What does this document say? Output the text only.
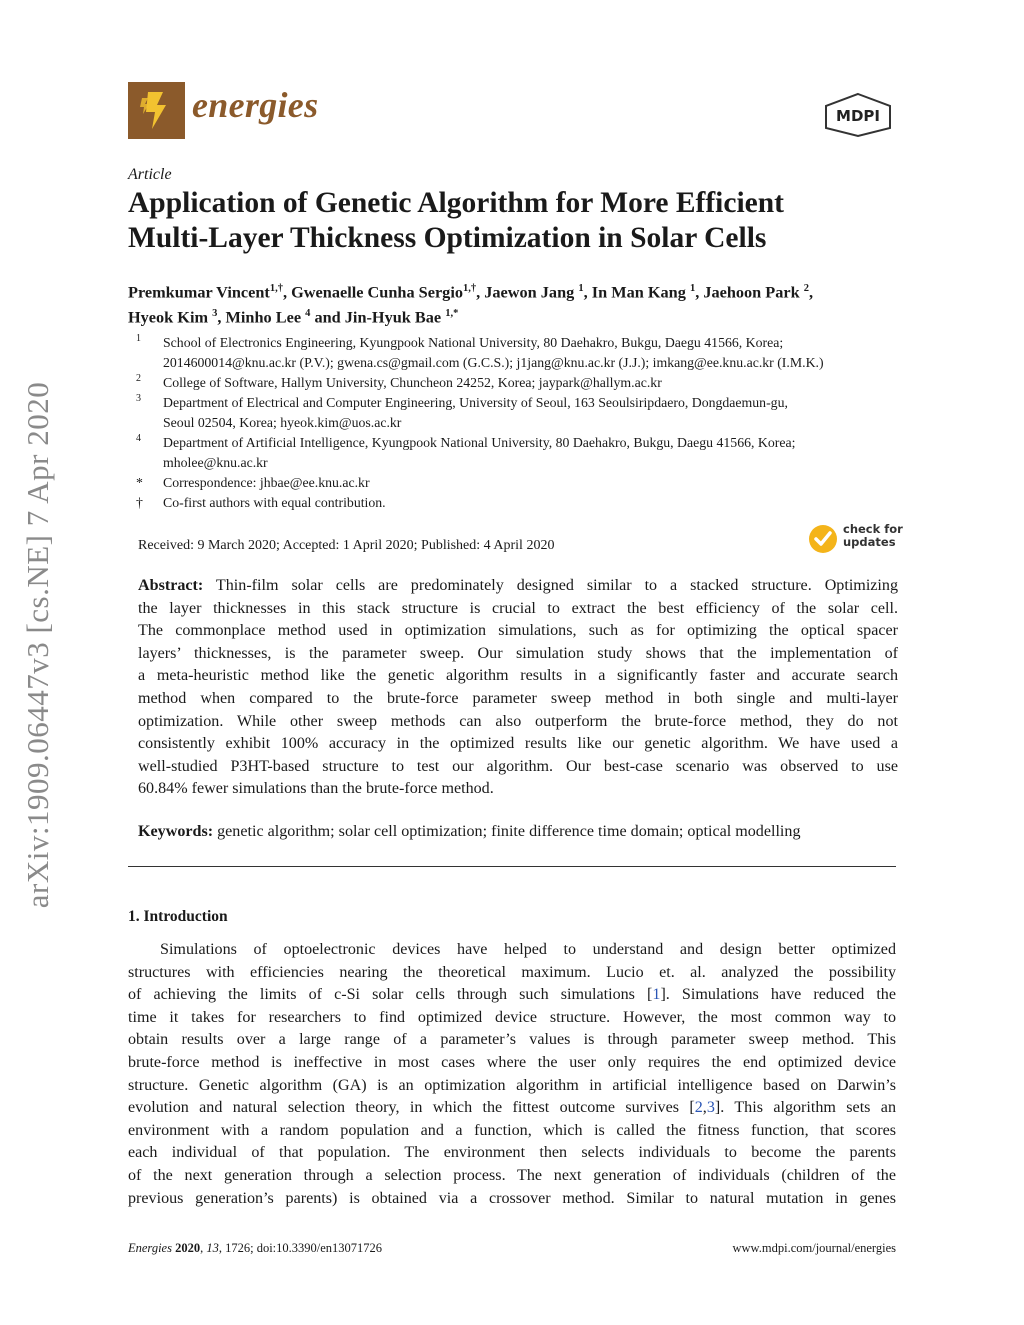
arXiv:1909.06447v3 [cs.NE] 7 Apr 2020
energies	MDPI
Article
Application of Genetic Algorithm for More Efficient
Multi-Layer Thickness Optimization in Solar Cells
Premkumar Vincent$^{1,\dagger}$, Gwenaelle Cunha Sergio$^{1,\dagger}$, Jaewon Jang $^1$, In Man Kang $^1$, Jaehoon Park $^2$,
Hyeok Kim $^3$, Minho Lee $^4$ and Jin-Hyuk Bae $^{1,*}$
1 School of Electronics Engineering, Kyungpook National University, 80 Daehakro, Bukgu, Daegu 41566, Korea;
2014600014@knu.ac.kr (P.V.); gwena.cs@gmail.com (G.C.S.); j1jang@knu.ac.kr (J.J.); imkang@ee.knu.ac.kr (I.M.K.)
2 College of Software, Hallym University, Chuncheon 24252, Korea; jaypark@hallym.ac.kr
3 Department of Electrical and Computer Engineering, University of Seoul, 163 Seoulsiripdaero, Dongdaemun-gu,
Seoul 02504, Korea; hyeok.kim@uos.ac.kr
4 Department of Artificial Intelligence, Kyungpook National University, 80 Daehakro, Bukgu, Daegu 41566, Korea;
mholee@knu.ac.kr
* Correspondence: jhbae@ee.knu.ac.kr
† Co-first authors with equal contribution.
Received: 9 March 2020; Accepted: 1 April 2020; Published: 4 April 2020
check for
updates
Abstract: Thin-film solar cells are predominately designed similar to a stacked structure. Optimizing
the layer thicknesses in this stack structure is crucial to extract the best efficiency of the solar cell.
The commonplace method used in optimization simulations, such as for optimizing the optical spacer
layers’ thicknesses, is the parameter sweep. Our simulation study shows that the implementation of
a meta-heuristic method like the genetic algorithm results in a significantly faster and accurate search
method when compared to the brute-force parameter sweep method in both single and multi-layer
optimization. While other sweep methods can also outperform the brute-force method, they do not
consistently exhibit 100% accuracy in the optimized results like our genetic algorithm. We have used a
well-studied P3HT-based structure to test our algorithm. Our best-case scenario was observed to use
60.84% fewer simulations than the brute-force method.
Keywords: genetic algorithm; solar cell optimization; finite difference time domain; optical modelling
1. Introduction
Simulations of optoelectronic devices have helped to understand and design better optimized
structures with efficiencies nearing the theoretical maximum. Lucio et. al. analyzed the possibility
of achieving the limits of c-Si solar cells through such simulations [1]. Simulations have reduced the
time it takes for researchers to find optimized device structure. However, the most common way to
obtain results over a large range of a parameter’s values is through parameter sweep method. This
brute-force method is ineffective in most cases where the user only requires the end optimized device
structure. Genetic algorithm (GA) is an optimization algorithm in artificial intelligence based on Darwin’s
evolution and natural selection theory, in which the fittest outcome survives [2,3]. This algorithm sets an
environment with a random population and a function, which is called the fitness function, that scores
each individual of that population. The environment then selects individuals to become the parents
of the next generation through a selection process. The next generation of individuals (children of the
previous generation’s parents) is obtained via a crossover method. Similar to natural mutation in genes
Energies 2020, 13, 1726; doi:10.3390/en13071726	www.mdpi.com/journal/energies
